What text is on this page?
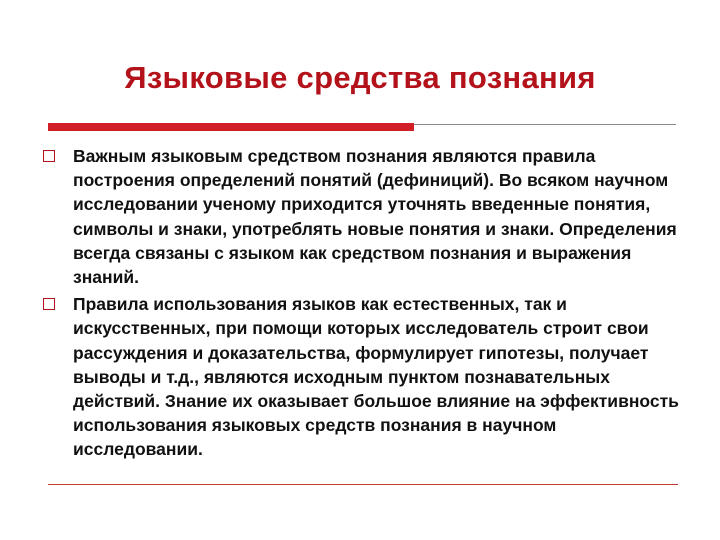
Языковые средства познания
Важным языковым средством познания являются правила построения определений понятий (дефиниций). Во всяком научном исследовании ученому приходится уточнять введенные понятия, символы и знаки, употреблять новые понятия и знаки. Определения всегда связаны с языком как средством познания и выражения знаний.
Правила использования языков как естественных, так и искусственных, при помощи которых исследователь строит свои рассуждения и доказательства, формулирует гипотезы, получает выводы и т.д., являются исходным пунктом познавательных действий. Знание их оказывает большое влияние на эффективность использования языковых средств познания в научном исследовании.
